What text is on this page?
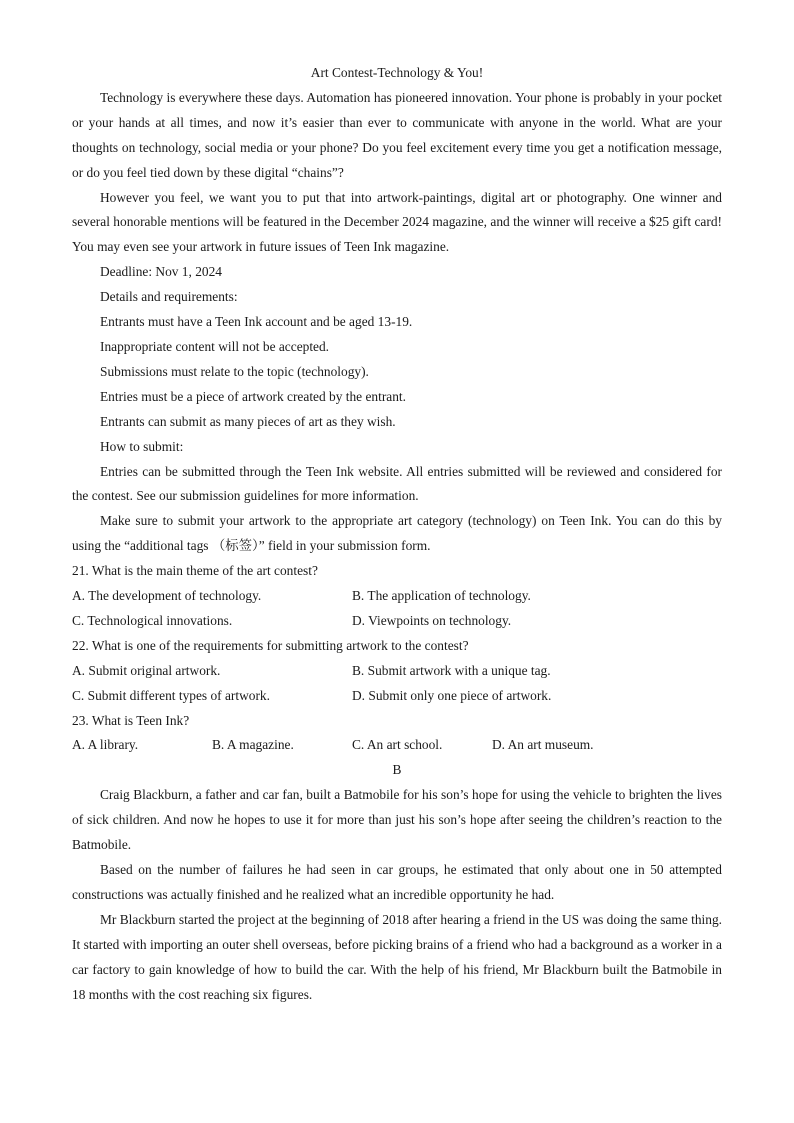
Art Contest-Technology & You!
Technology is everywhere these days. Automation has pioneered innovation. Your phone is probably in your pocket or your hands at all times, and now it’s easier than ever to communicate with anyone in the world. What are your thoughts on technology, social media or your phone? Do you feel excitement every time you get a notification message, or do you feel tied down by these digital “chains”?
However you feel, we want you to put that into artwork-paintings, digital art or photography. One winner and several honorable mentions will be featured in the December 2024 magazine, and the winner will receive a $25 gift card! You may even see your artwork in future issues of Teen Ink magazine.
Deadline: Nov 1, 2024
Details and requirements:
Entrants must have a Teen Ink account and be aged 13-19.
Inappropriate content will not be accepted.
Submissions must relate to the topic (technology).
Entries must be a piece of artwork created by the entrant.
Entrants can submit as many pieces of art as they wish.
How to submit:
Entries can be submitted through the Teen Ink website. All entries submitted will be reviewed and considered for the contest. See our submission guidelines for more information.
Make sure to submit your artwork to the appropriate art category (technology) on Teen Ink. You can do this by using the “additional tags （标签）” field in your submission form.
21. What is the main theme of the art contest?
A. The development of technology.	B. The application of technology.
C. Technological innovations.	D. Viewpoints on technology.
22. What is one of the requirements for submitting artwork to the contest?
A. Submit original artwork.	B. Submit artwork with a unique tag.
C. Submit different types of artwork.	D. Submit only one piece of artwork.
23. What is Teen Ink?
A. A library.	B. A magazine.	C. An art school.	D. An art museum.
B
Craig Blackburn, a father and car fan, built a Batmobile for his son’s hope for using the vehicle to brighten the lives of sick children. And now he hopes to use it for more than just his son’s hope after seeing the children’s reaction to the Batmobile.
Based on the number of failures he had seen in car groups, he estimated that only about one in 50 attempted constructions was actually finished and he realized what an incredible opportunity he had.
Mr Blackburn started the project at the beginning of 2018 after hearing a friend in the US was doing the same thing. It started with importing an outer shell overseas, before picking brains of a friend who had a background as a worker in a car factory to gain knowledge of how to build the car. With the help of his friend, Mr Blackburn built the Batmobile in 18 months with the cost reaching six figures.
